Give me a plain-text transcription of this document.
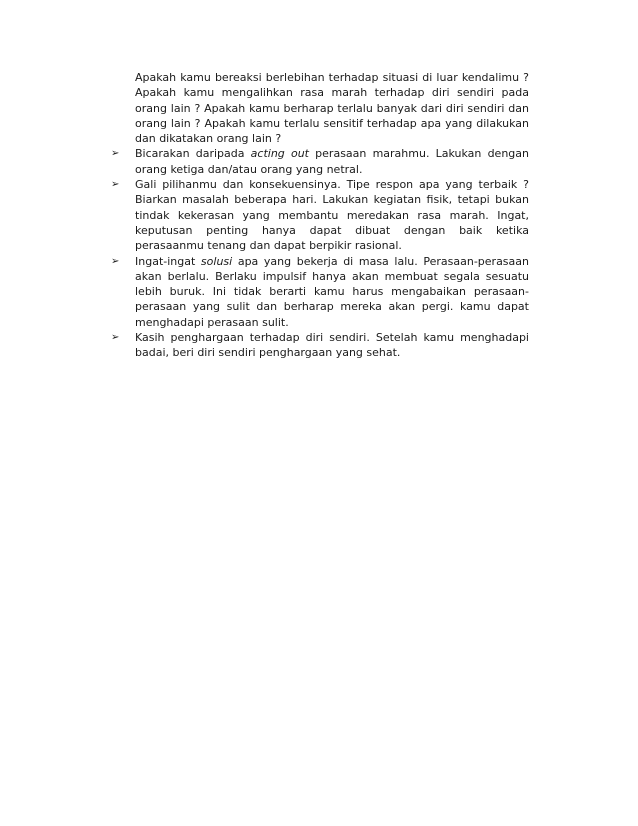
Apakah kamu bereaksi berlebihan terhadap situasi di luar kendalimu ? Apakah kamu mengalihkan rasa marah terhadap diri sendiri pada orang lain ? Apakah kamu berharap terlalu banyak dari diri sendiri dan orang lain ? Apakah kamu terlalu sensitif terhadap apa yang dilakukan dan dikatakan orang lain ?

➢ Bicarakan daripada acting out perasaan marahmu. Lakukan dengan orang ketiga dan/atau orang yang netral.
➢ Gali pilihanmu dan konsekuensinya. Tipe respon apa yang terbaik ? Biarkan masalah beberapa hari. Lakukan kegiatan fisik, tetapi bukan tindak kekerasan yang membantu meredakan rasa marah. Ingat, keputusan penting hanya dapat dibuat dengan baik ketika perasaanmu tenang dan dapat berpikir rasional.
➢ Ingat-ingat solusi apa yang bekerja di masa lalu. Perasaan-perasaan akan berlalu. Berlaku impulsif hanya akan membuat segala sesuatu lebih buruk. Ini tidak berarti kamu harus mengabaikan perasaan-perasaan yang sulit dan berharap mereka akan pergi. kamu dapat menghadapi perasaan sulit.
➢ Kasih penghargaan terhadap diri sendiri. Setelah kamu menghadapi badai, beri diri sendiri penghargaan yang sehat.
